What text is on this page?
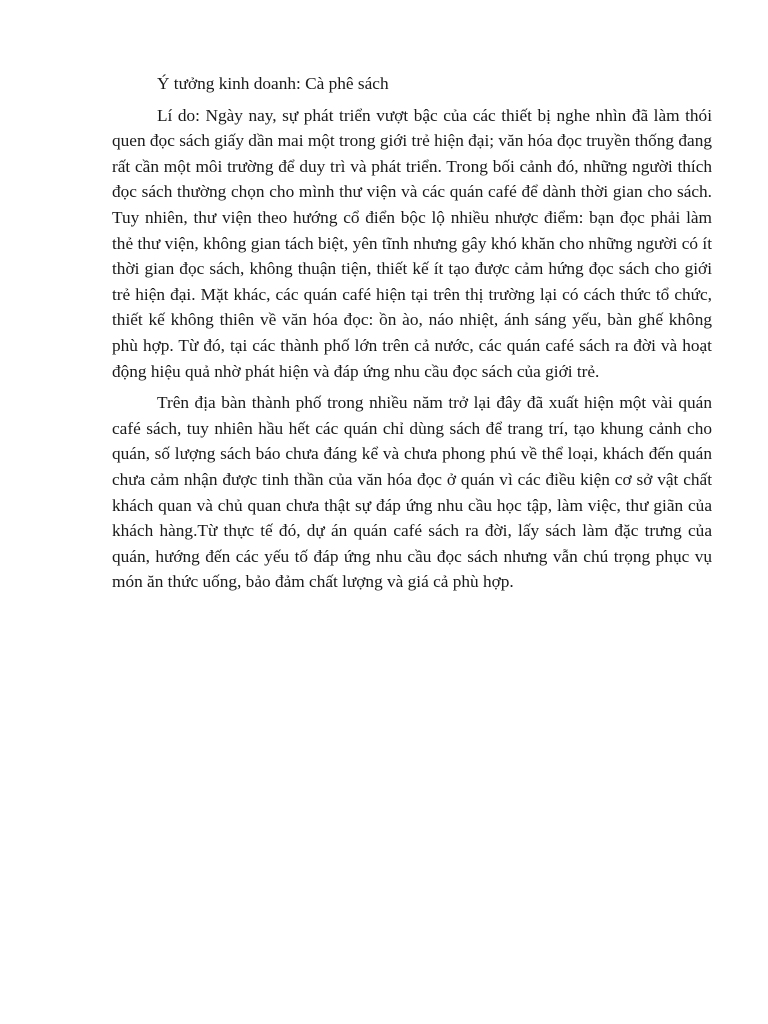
Ý tưởng kinh doanh: Cà phê sách

Lí do: Ngày nay, sự phát triển vượt bậc của các thiết bị nghe nhìn đã làm thói quen đọc sách giấy dần mai một trong giới trẻ hiện đại; văn hóa đọc truyền thống đang rất cần một môi trường để duy trì và phát triển. Trong bối cảnh đó, những người thích đọc sách thường chọn cho mình thư viện và các quán café để dành thời gian cho sách. Tuy nhiên, thư viện theo hướng cổ điển bộc lộ nhiều nhược điểm: bạn đọc phải làm thẻ thư viện, không gian tách biệt, yên tĩnh nhưng gây khó khăn cho những người có ít thời gian đọc sách, không thuận tiện, thiết kế ít tạo được cảm hứng đọc sách cho giới trẻ hiện đại. Mặt khác, các quán café hiện tại trên thị trường lại có cách thức tổ chức, thiết kế không thiên về văn hóa đọc: ồn ào, náo nhiệt, ánh sáng yếu, bàn ghế không phù hợp. Từ đó, tại các thành phố lớn trên cả nước, các quán café sách ra đời và hoạt động hiệu quả nhờ phát hiện và đáp ứng nhu cầu đọc sách của giới trẻ.

Trên địa bàn thành phố trong nhiều năm trở lại đây đã xuất hiện một vài quán café sách, tuy nhiên hầu hết các quán chỉ dùng sách để trang trí, tạo khung cảnh cho quán, số lượng sách báo chưa đáng kể và chưa phong phú về thể loại, khách đến quán chưa cảm nhận được tinh thần của văn hóa đọc ở quán vì các điều kiện cơ sở vật chất khách quan và chủ quan chưa thật sự đáp ứng nhu cầu học tập, làm việc, thư giãn của khách hàng.Từ thực tế đó, dự án quán café sách ra đời, lấy sách làm đặc trưng của quán, hướng đến các yếu tố đáp ứng nhu cầu đọc sách nhưng vẫn chú trọng phục vụ món ăn thức uống, bảo đảm chất lượng và giá cả phù hợp.
